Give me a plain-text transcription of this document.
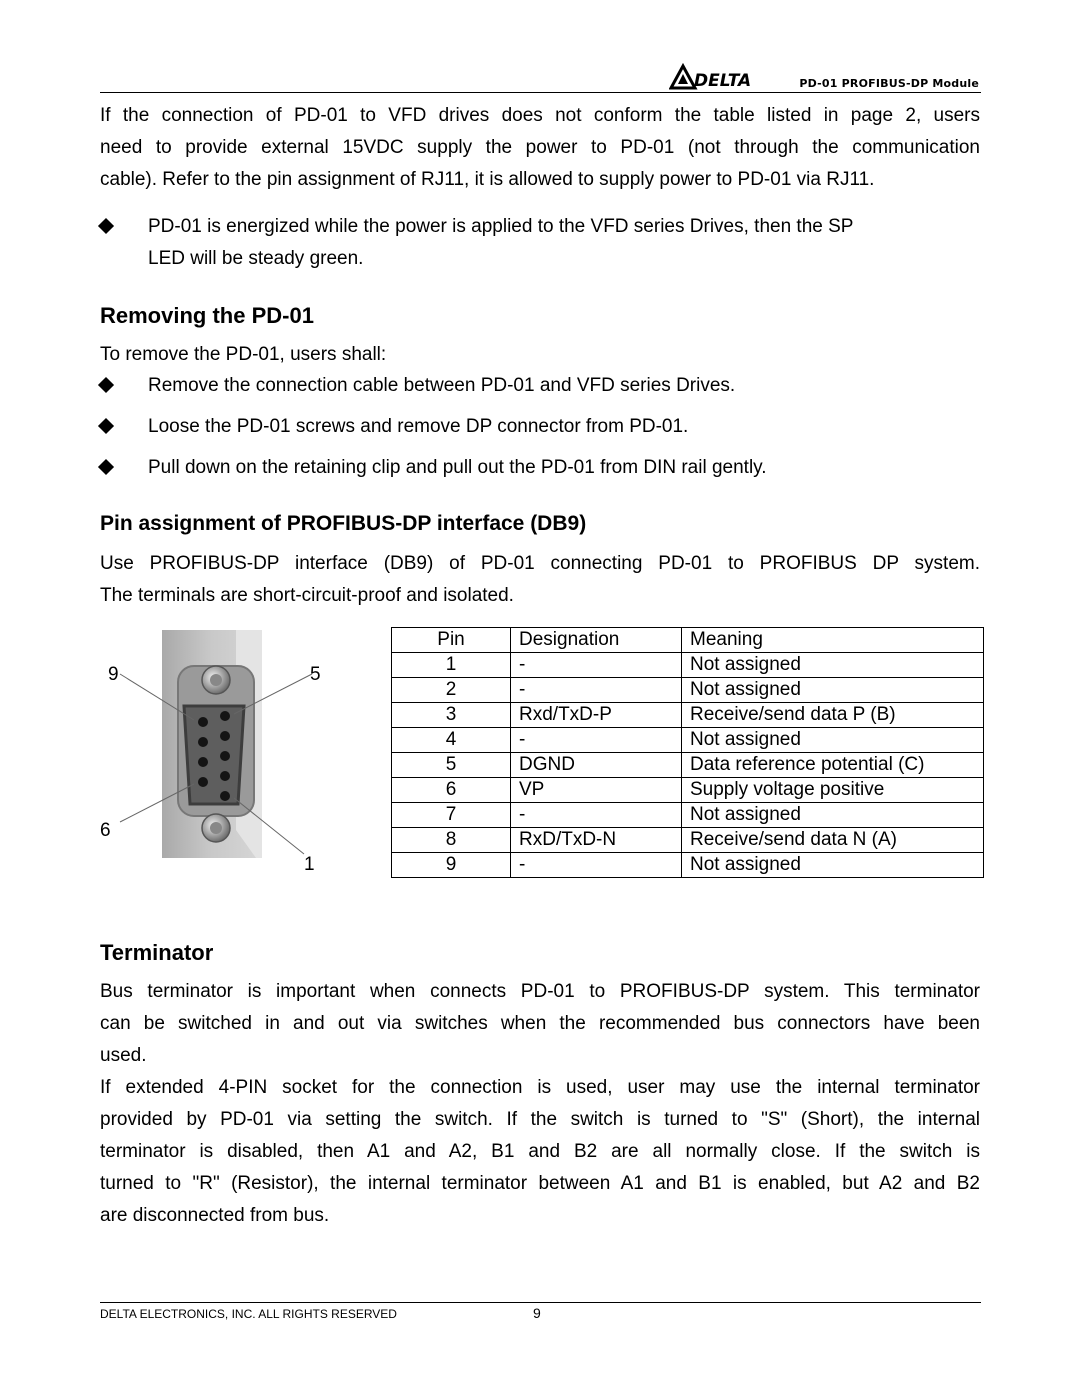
DELTA	PD-01 PROFIBUS-DP Module
If the connection of PD-01 to VFD drives does not conform the table listed in page 2, users
need to provide external 15VDC supply the power to PD-01 (not through the communication
cable). Refer to the pin assignment of RJ11, it is allowed to supply power to PD-01 via RJ11.
PD-01 is energized while the power is applied to the VFD series Drives, then the SP
LED will be steady green.
Removing the PD-01
To remove the PD-01, users shall:
Remove the connection cable between PD-01 and VFD series Drives.
Loose the PD-01 screws and remove DP connector from PD-01.
Pull down on the retaining clip and pull out the PD-01 from DIN rail gently.
Pin assignment of PROFIBUS-DP interface (DB9)
Use PROFIBUS-DP interface (DB9) of PD-01 connecting PD-01 to PROFIBUS DP system.
The terminals are short-circuit-proof and isolated.
9	5
6
1
Pin	Designation	Meaning
1	-	Not assigned
2	-	Not assigned
3	Rxd/TxD-P	Receive/send data P (B)
4	-	Not assigned
5	DGND	Data reference potential (C)
6	VP	Supply voltage positive
7	-	Not assigned
8	RxD/TxD-N	Receive/send data N (A)
9	-	Not assigned
Terminator
Bus terminator is important when connects PD-01 to PROFIBUS-DP system. This terminator
can be switched in and out via switches when the recommended bus connectors have been
used.
If extended 4-PIN socket for the connection is used, user may use the internal terminator
provided by PD-01 via setting the switch. If the switch is turned to "S" (Short), the internal
terminator is disabled, then A1 and A2, B1 and B2 are all normally close. If the switch is
turned to "R" (Resistor), the internal terminator between A1 and B1 is enabled, but A2 and B2
are disconnected from bus.
DELTA ELECTRONICS, INC. ALL RIGHTS RESERVED	9
